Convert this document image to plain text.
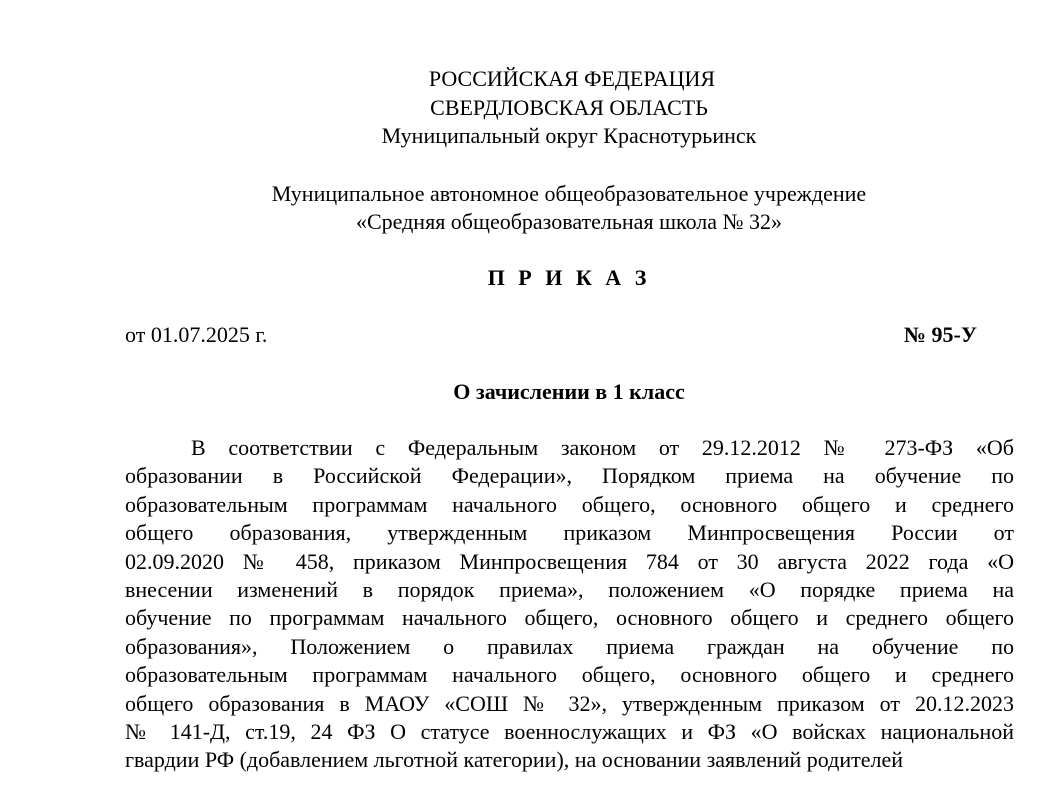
РОССИЙСКАЯ ФЕДЕРАЦИЯ
СВЕРДЛОВСКАЯ ОБЛАСТЬ
Муниципальный округ Краснотурьинск
Муниципальное автономное общеобразовательное учреждение
«Средняя общеобразовательная школа № 32»
П Р И К А З
от 01.07.2025 г.	№ 95-У
О зачислении в 1 класс
В соответствии с Федеральным законом от 29.12.2012 № 273-ФЗ «Об
образовании в Российской Федерации», Порядком приема на обучение по
образовательным программам начального общего, основного общего и среднего
общего образования, утвержденным приказом Минпросвещения России от
02.09.2020 № 458, приказом Минпросвещения 784 от 30 августа 2022 года «О
внесении изменений в порядок приема», положением «О порядке приема на
обучение по программам начального общего, основного общего и среднего общего
образования», Положением о правилах приема граждан на обучение по
образовательным программам начального общего, основного общего и среднего
общего образования в МАОУ «СОШ № 32», утвержденным приказом от 20.12.2023
№ 141-Д, ст.19, 24 ФЗ О статусе военнослужащих и ФЗ «О войсках национальной
гвардии РФ (добавлением льготной категории), на основании заявлений родителей
